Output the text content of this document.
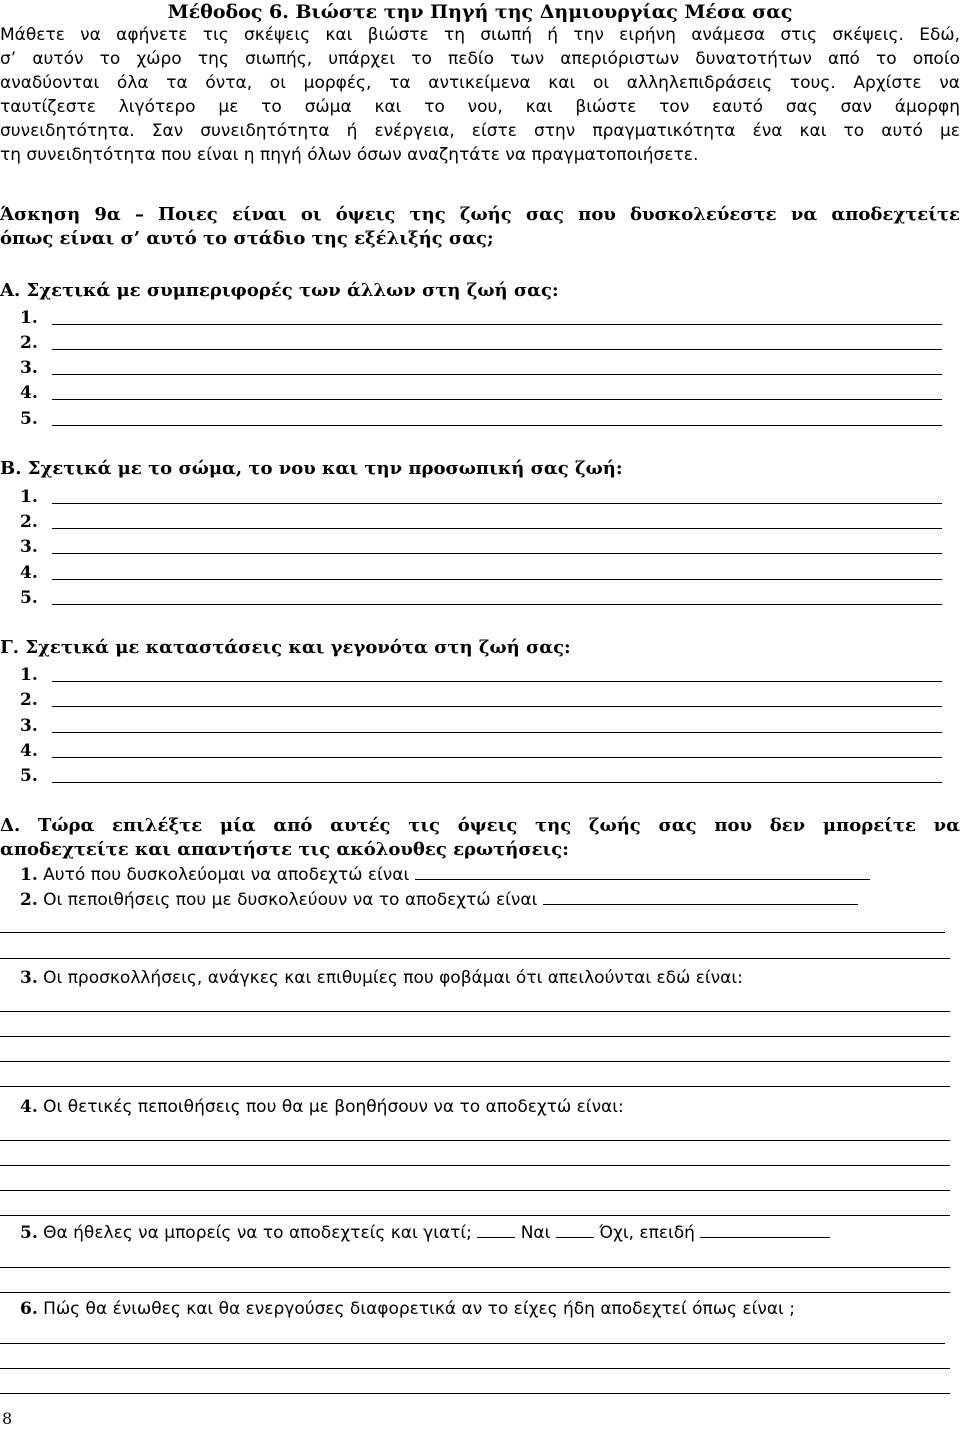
Μέθοδος 6. Βιώστε την Πηγή της Δημιουργίας Μέσα σας
Μάθετε να αφήνετε τις σκέψεις και βιώστε τη σιωπή ή την ειρήνη ανάμεσα στις σκέψεις. Εδώ,
σ’ αυτόν το χώρο της σιωπής, υπάρχει το πεδίο των απεριόριστων δυνατοτήτων από το οποίο
αναδύονται όλα τα όντα, οι μορφές, τα αντικείμενα και οι αλληλεπιδράσεις τους. Αρχίστε να
ταυτίζεστε λιγότερο με το σώμα και το νου, και βιώστε τον εαυτό σας σαν άμορφη
συνειδητότητα. Σαν συνειδητότητα ή ενέργεια, είστε στην πραγματικότητα ένα και το αυτό με
τη συνειδητότητα που είναι η πηγή όλων όσων αναζητάτε να πραγματοποιήσετε.
Άσκηση 9α – Ποιες είναι οι όψεις της ζωής σας που δυσκολεύεστε να αποδεχτείτε
όπως είναι σ’ αυτό το στάδιο της εξέλιξής σας;
Α. Σχετικά με συμπεριφορές των άλλων στη ζωή σας:
1.
2.
3.
4.
5.
Β. Σχετικά με το σώμα, το νου και την προσωπική σας ζωή:
1.
2.
3.
4.
5.
Γ. Σχετικά με καταστάσεις και γεγονότα στη ζωή σας:
1.
2.
3.
4.
5.
Δ. Τώρα επιλέξτε μία από αυτές τις όψεις της ζωής σας που δεν μπορείτε να
αποδεχτείτε και απαντήστε τις ακόλουθες ερωτήσεις:
1. Αυτό που δυσκολεύομαι να αποδεχτώ είναι
2. Οι πεποιθήσεις που με δυσκολεύουν να το αποδεχτώ είναι
3. Οι προσκολλήσεις, ανάγκες και επιθυμίες που φοβάμαι ότι απειλούνται εδώ είναι:
4. Οι θετικές πεποιθήσεις που θα με βοηθήσουν να το αποδεχτώ είναι:
5. Θα ήθελες να μπορείς να το αποδεχτείς και γιατί;	Ναι	Όχι, επειδή
6. Πώς θα ένιωθες και θα ενεργούσες διαφορετικά αν το είχες ήδη αποδεχτεί όπως είναι ;
8
